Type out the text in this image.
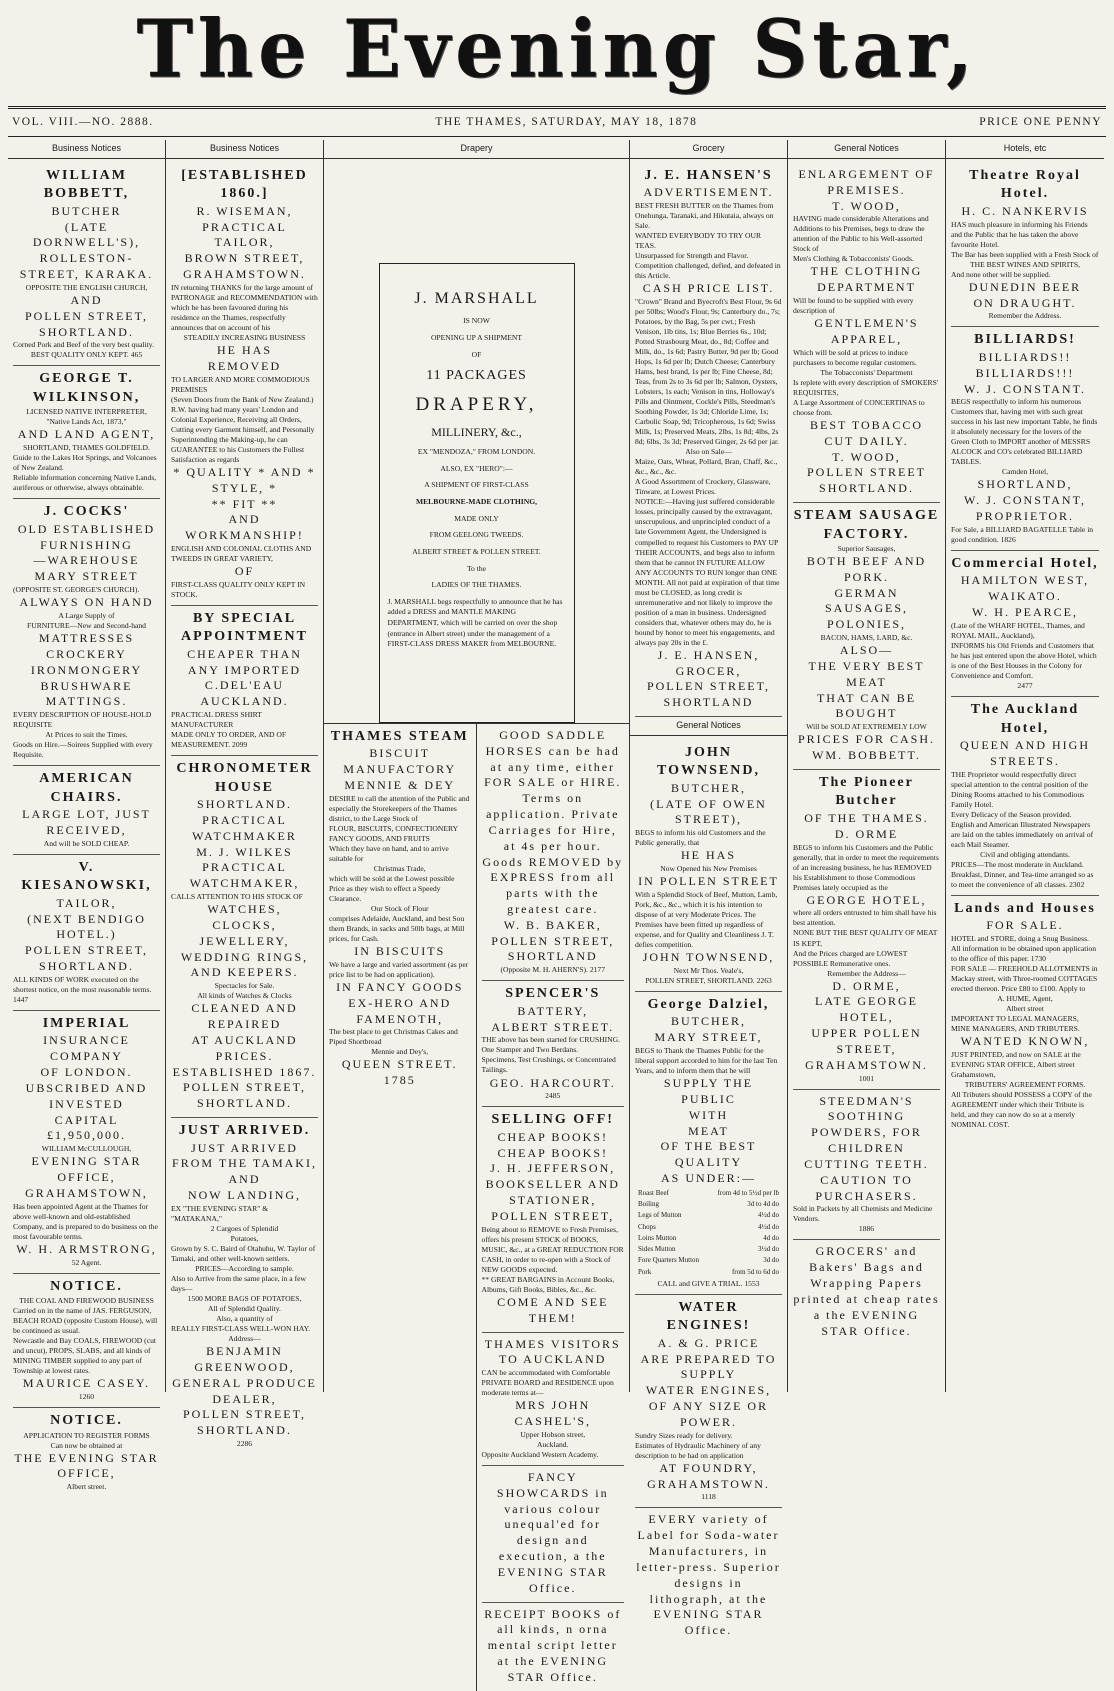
The Evening Star,
VOL. VIII.—NO. 2888.	THE THAMES, SATURDAY, MAY 18, 1878	PRICE ONE PENNY
Business Notices
WILLIAM BOBBETT,
BUTCHER
(LATE DORNWELL'S),
ROLLESTON-STREET, KARAKA.
OPPOSITE THE ENGLISH CHURCH,
AND
POLLEN STREET, SHORTLAND.
Corned Pork and Beef of the very best quality.
BEST QUALITY ONLY KEPT. 465
GEORGE T. WILKINSON,
LICENSED NATIVE INTERPRETER,
"Native Lands Act, 1873,"
AND LAND AGENT,
SHORTLAND, THAMES GOLDFIELD.
Guide to the Lakes Hot Springs, and Volcanoes of New Zealand.
Reliable information concerning Native Lands, auriferous or otherwise, always obtainable.
J. COCKS'
OLD ESTABLISHED
FURNISHING
—WAREHOUSE
MARY STREET
(OPPOSITE ST. GEORGE'S CHURCH).
ALWAYS ON HAND
A Large Supply of
FURNITURE—New and Second-hand
MATTRESSES
CROCKERY
IRONMONGERY
BRUSHWARE
MATTINGS.
EVERY DESCRIPTION OF HOUSE-HOLD REQUISITE
At Prices to suit the Times.
Goods on Hire.—Soirees Supplied with every Requisite.
AMERICAN CHAIRS.
LARGE LOT, JUST RECEIVED,
And will be SOLD CHEAP.
V. KIESANOWSKI,
TAILOR,
(NEXT BENDIGO HOTEL.)
POLLEN STREET, SHORTLAND.
ALL KINDS OF WORK executed on the shortest notice, on the most reasonable terms. 1447
IMPERIAL
INSURANCE COMPANY
OF LONDON.
UBSCRIBED AND INVESTED
CAPITAL £1,950,000.
WILLIAM McCULLOUGH,
EVENING STAR OFFICE,
GRAHAMSTOWN,
Has been appointed Agent at the Thames for above well-known and old-established Company, and is prepared to do business on the most favourable terms.
W. H. ARMSTRONG,
52 Agent.
NOTICE.
THE COAL AND FIREWOOD BUSINESS
Carried on in the name of JAS. FERGUSON, BEACH ROAD (opposite Custom House), will be continued as usual.
Newcastle and Bay COALS, FIREWOOD (cut and uncut), PROPS, SLABS, and all kinds of MINING TIMBER supplied to any part of Township at lowest rates.
MAURICE CASEY.
1260
NOTICE.
APPLICATION TO REGISTER FORMS
Can now be obtained at
THE EVENING STAR OFFICE,
Albert street.
Business Notices
[ESTABLISHED 1860.]
R. WISEMAN,
PRACTICAL TAILOR,
BROWN STREET,
GRAHAMSTOWN.
IN returning THANKS for the large amount of PATRONAGE and RECOMMENDATION with which he has been favoured during his residence on the Thames, respectfully announces that on account of his
STEADILY INCREASING BUSINESS
HE HAS
REMOVED
TO LARGER AND MORE COMMODIOUS PREMISES
(Seven Doors from the Bank of New Zealand.)
R.W. having had many years' London and Colonial Experience, Receiving all Orders, Cutting every Garment himself, and Personally Superintending the Making-up, he can GUARANTEE to his Customers the Fullest Satisfaction as regards
* QUALITY * AND * STYLE, *
** FIT **
AND
WORKMANSHIP!
ENGLISH AND COLONIAL CLOTHS AND TWEEDS IN GREAT VARIETY,
OF
FIRST-CLASS QUALITY ONLY KEPT IN STOCK.
BY SPECIAL APPOINTMENT
CHEAPER THAN ANY IMPORTED
C.DEL'EAU
AUCKLAND.
PRACTICAL DRESS SHIRT MANUFACTURER
MADE ONLY TO ORDER, AND OF MEASUREMENT. 2099
CHRONOMETER HOUSE
SHORTLAND.
PRACTICAL
WATCHMAKER
M. J. WILKES
PRACTICAL WATCHMAKER,
CALLS ATTENTION TO HIS STOCK OF
WATCHES,
CLOCKS,
JEWELLERY,
WEDDING RINGS,
AND KEEPERS.
Spectacles for Sale.
All kinds of Watches & Clocks
CLEANED AND REPAIRED
AT AUCKLAND PRICES.
ESTABLISHED 1867.
POLLEN STREET, SHORTLAND.
JUST ARRIVED.
JUST ARRIVED
FROM THE TAMAKI,
AND
NOW LANDING,
EX "THE EVENING STAR" & "MATAKANA,"
2 Cargoes of Splendid
Potatoes,
Grown by S. C. Baird of Otahuhu, W. Taylor of Tamaki, and other well-known settlers.
PRICES—According to sample.
Also to Arrive from the same place, in a few days—
1500 MORE BAGS OF POTATOES,
All of Splendid Quality.
Also, a quantity of
REALLY FIRST-CLASS WELL-WON HAY.
Address—
BENJAMIN GREENWOOD,
GENERAL PRODUCE DEALER,
POLLEN STREET,
SHORTLAND.
2286
Drapery

J. MARSHALL

IS NOW

OPENING UP A SHIPMENT

OF

11 PACKAGES

DRAPERY,

MILLINERY, &c.,

EX "MENDOZA," FROM LONDON.

ALSO, EX "HERO":—

A SHIPMENT OF FIRST-CLASS

MELBOURNE-MADE CLOTHING,

MADE ONLY

FROM GEELONG TWEEDS.

ALBERT STREET & POLLEN STREET.

To the

LADIES OF THE THAMES.

J. MARSHALL begs respectfully to announce that he has added a DRESS and MANTLE MAKING DEPARTMENT, which will be carried on over the shop (entrance in Albert street) under the management of a FIRST-CLASS DRESS MAKER from MELBOURNE.

THAMES STEAM
BISCUIT MANUFACTORY
MENNIE & DEY
DESIRE to call the attention of the Public and especially the Storekeepers of the Thames district, to the Large Stock of
FLOUR, BISCUITS, CONFECTIONERY FANCY GOODS, AND FRUITS
Which they have on hand, and to arrive suitable for
Christmas Trade,
which will be sold at the Lowest possible Price as they wish to effect a Speedy Clearance.
Our Stock of Flour
comprises Adelaide, Auckland, and best Sou thern Brands, in sacks and 50lb bags, at Mill prices, for Cash.
IN BISCUITS
We have a large and varied assortment (as per price list to be had on application).
IN FANCY GOODS
EX-HERO AND FAMENOTH,
The best place to get Christmas Cakes and Piped Shortbread
Mennie and Dey's,
QUEEN STREET. 1785
GOOD SADDLE HORSES can be had at any time, either FOR SALE or HIRE. Terms on application. Private Carriages for Hire, at 4s per hour. Goods REMOVED by EXPRESS from all parts with the greatest care.
W. B. BAKER,
POLLEN STREET, SHORTLAND
(Opposite M. H. AHERN'S). 2177
SPENCER'S
BATTERY,
ALBERT STREET.
THE above has been started for CRUSHING. One Stamper and Two Berdans.
Specimens, Test Crushings, or Concentrated Tailings.
GEO. HARCOURT.
2485
SELLING OFF!
CHEAP BOOKS! CHEAP BOOKS!
J. H. JEFFERSON,
BOOKSELLER AND STATIONER,
POLLEN STREET,
Being about to REMOVE to Fresh Premises, offers his present STOCK of BOOKS, MUSIC, &c., at a GREAT REDUCTION FOR CASH, in order to re-open with a Stock of NEW GOODS expected.
** GREAT BARGAINS in Account Books, Albums, Gift Books, Bibles, &c., &c.
COME AND SEE THEM!
THAMES VISITORS TO AUCKLAND
CAN be accommodated with Comfortable PRIVATE BOARD and RESIDENCE upon moderate terms at—
MRS JOHN CASHEL'S,
Upper Hobson street,
Auckland.
Opposite Auckland Western Academy.
FANCY SHOWCARDS in various colour unequal'ed for design and execution, a the EVENING STAR Office.
RECEIPT BOOKS of all kinds, n orna mental script letter at the EVENING STAR Office.
Grocery
J. E. HANSEN'S
ADVERTISEMENT.
BEST FRESH BUTTER on the Thames from Onehunga, Taranaki, and Hikutaia, always on Sale.
WANTED EVERYBODY TO TRY OUR TEAS.
Unsurpassed for Strength and Flavor. Competition challenged, defied, and defeated in this Article.
CASH PRICE LIST.
"Crown" Brand and Byecroft's Best Flour, 9s 6d per 50lbs; Wood's Flour, 9s; Canterbury do., 7s; Potatoes, by the Bag, 5s per cwt.; Fresh Venison, 1lb tins, 1s; Blue Berries 6s., 10d; Potted Strasbourg Meat, do., 8d; Coffee and Milk, do., 1s 6d; Pastry Butter, 9d per lb; Good Hops, 1s 6d per lb; Dutch Cheese; Canterbury Hams, best brand, 1s per lb; Fine Cheese, 8d; Teas, from 2s to 3s 6d per lb; Salmon, Oysters, Lobsters, 1s each; Venison in tins, Holloway's Pills and Ointment, Cockle's Pills, Steedman's Soothing Powder, 1s 3d; Chloride Lime, 1s; Carbolic Soap, 9d; Tricopherous, 1s 6d; Swiss Milk, 1s; Preserved Meats, 2lbs, 1s 8d; 4lbs, 2s 8d; 6lbs, 3s 3d; Preserved Ginger, 2s 6d per jar.
Also on Sale—
Maize, Oats, Wheat, Pollard, Bran, Chaff, &c., &c., &c., &c.
A Good Assortment of Crockery, Glassware, Tinware, at Lowest Prices.
NOTICE:—Having just suffered considerable losses, principally caused by the extravagant, unscrupulous, and unprincipled conduct of a late Government Agent, the Undersigned is compelled to request his Customers to PAY UP THEIR ACCOUNTS, and begs also to inform them that he cannot IN FUTURE ALLOW ANY ACCOUNTS TO RUN longer than ONE MONTH. All not paid at expiration of that time must be CLOSED, as long credit is unremunerative and not likely to improve the position of a man in business. Undersigned considers that, whatever others may do, he is bound by honor to meet his engagements, and always pay 20s in the £.
J. E. HANSEN, GROCER,
POLLEN STREET,
SHORTLAND
General Notices
JOHN TOWNSEND,
BUTCHER,
(LATE OF OWEN STREET),
BEGS to inform his old Customers and the Public generally, that
HE HAS
Now Opened his New Premises
IN POLLEN STREET
With a Splendid Stock of Beef, Mutton, Lamb, Pork, &c., &c., which it is his intention to dispose of at very Moderate Prices. The Premises have been fitted up regardless of expense, and for Quality and Cleanliness J. T. defies competition.
JOHN TOWNSEND,
Next Mr Thos. Veale's,
POLLEN STREET, SHORTLAND. 2263
George Dalziel,
BUTCHER,
MARY STREET,
BEGS to Thank the Thames Public for the liberal support accorded to him for the last Ten Years, and to inform them that he will
SUPPLY THE PUBLIC
WITH
MEAT
OF THE BEST QUALITY
AS UNDER:—
Roast Beef	from 4d to 5½d per lb
Boiling	3d to 4d do
Legs of Mutton	4½d do
Chops	4½d do
Loins Mutton	4d do
Sides Mutton	3½d do
Fore Quarters Mutton	3d do
Pork	from 5d to 6d do
CALL and GIVE A TRIAL. 1553
WATER ENGINES!
A. & G. PRICE
ARE PREPARED TO SUPPLY
WATER ENGINES,
OF ANY SIZE OR POWER.
Sundry Sizes ready for delivery.
Estimates of Hydraulic Machinery of any description to be had on application
AT FOUNDRY,
GRAHAMSTOWN.
1118
EVERY variety of Label for Soda-water Manufacturers, in letter-press. Superior designs in lithograph, at the EVENING STAR Office.
General Notices
ENLARGEMENT OF PREMISES.
T. WOOD,
HAVING made considerable Alterations and Additions to his Premises, begs to draw the attention of the Public to his Well-assorted Stock of
Men's Clothing & Tobacconists' Goods.
THE CLOTHING DEPARTMENT
Will be found to be supplied with every description of
GENTLEMEN'S APPAREL,
Which will be sold at prices to induce purchasers to become regular customers.
The Tobacconists' Department
Is replete with every description of SMOKERS' REQUISITES,
A Large Assortment of CONCERTINAS to choose from.
BEST TOBACCO CUT DAILY.
T. WOOD,
POLLEN STREET
SHORTLAND.
STEAM SAUSAGE FACTORY.
Superior Sausages,
BOTH BEEF AND PORK.
GERMAN SAUSAGES, POLONIES,
BACON, HAMS, LARD, &c.
ALSO—
THE VERY BEST MEAT
THAT CAN BE BOUGHT
Will be SOLD AT EXTREMELY LOW
PRICES FOR CASH.
WM. BOBBETT.
The Pioneer Butcher
OF THE THAMES.
D. ORME
BEGS to inform his Customers and the Public generally, that in order to meet the requirements of an increasing business, he has REMOVED his Establishment to those Commodious Premises lately occupied as the
GEORGE HOTEL,
where all orders entrusted to him shall have his best attention.
NONE BUT THE BEST QUALITY OF MEAT IS KEPT,
And the Prices charged are LOWEST POSSIBLE Remunerative ones.
Remember the Address—
D. ORME,
LATE GEORGE HOTEL,
UPPER POLLEN STREET,
GRAHAMSTOWN.
1001
STEEDMAN'S SOOTHING POWDERS, FOR CHILDREN CUTTING TEETH.
CAUTION TO PURCHASERS.
Sold in Packets by all Chemists and Medicine Vendors.
1886
GROCERS' and Bakers' Bags and Wrapping Papers printed at cheap rates a the EVENING STAR Office.
Hotels, etc
Theatre Royal Hotel.
H. C. NANKERVIS
HAS much pleasure in informing his Friends and the Public that he has taken the above favourite Hotel.
The Bar has been supplied with a Fresh Stock of
THE BEST WINES AND SPIRITS,
And none other will be supplied.
DUNEDIN BEER
ON DRAUGHT.
Remember the Address.
BILLIARDS!
BILLIARDS!!
BILLIARDS!!!
W. J. CONSTANT.
BEGS respectfully to inform his numerous Customers that, having met with such great success in his last new important Table, he finds it absolutely necessary for the lovers of the Green Cloth to IMPORT another of MESSRS ALCOCK and CO's celebrated BILLIARD TABLES.
Camden Hotel,
SHORTLAND,
W. J. CONSTANT,
PROPRIETOR.
For Sale, a BILLIARD BAGATELLE Table in good condition. 1826
Commercial Hotel,
HAMILTON WEST, WAIKATO.
W. H. PEARCE,
(Late of the WHARF HOTEL, Thames, and ROYAL MAIL, Auckland),
INFORMS his Old Friends and Customers that he has just entered upon the above Hotel, which is one of the Best Houses in the Colony for Convenience and Comfort.
2477
The Auckland Hotel,
QUEEN AND HIGH STREETS.
THE Proprietor would respectfully direct special attention to the central position of the Dining Rooms attached to his Commodious Family Hotel.
Every Delicacy of the Season provided.
English and American Illustrated Newspapers are laid on the tables immediately on arrival of each Mail Steamer.
Civil and obliging attendants.
PRICES—The most moderate in Auckland.
Breakfast, Dinner, and Tea-time arranged so as to meet the convenience of all classes. 2302
Lands and Houses
FOR SALE.
HOTEL and STORE, doing a Snug Business. All information to be obtained upon application to the office of this paper. 1730
FOR SALE — FREEHOLD ALLOTMENTS in Mackay street, with Three-roomed COTTAGES erected thereon. Price £80 to £100. Apply to
A. HUME, Agent,
Albert street
IMPORTANT TO LEGAL MANAGERS, MINE MANAGERS, AND TRIBUTERS.
WANTED KNOWN,
JUST PRINTED, and now on SALE at the EVENING STAR OFFICE, Albert street Grahamstown,
TRIBUTERS' AGREEMENT FORMS.
All Tributers should POSSESS a COPY of the AGREEMENT under which their Tribute is held, and they can now do so at a merely NOMINAL COST.
